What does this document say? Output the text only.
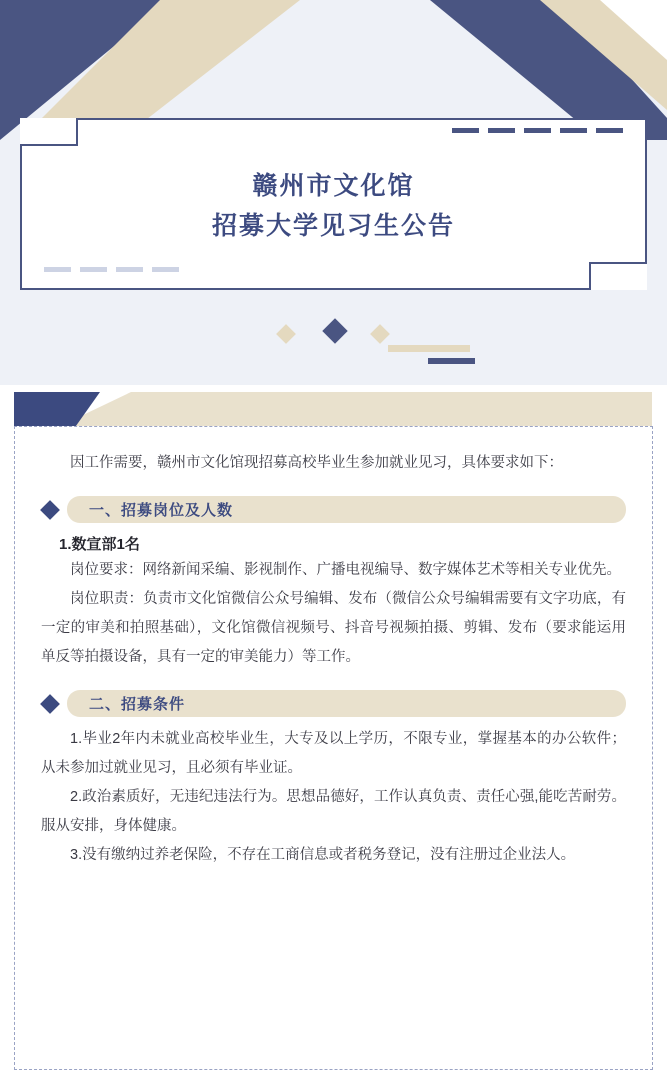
赣州市文化馆
招募大学见习生公告

因工作需要，赣州市文化馆现招募高校毕业生参加就业见习，具体要求如下：

一、招募岗位及人数
1.数宣部1名

岗位要求：网络新闻采编、影视制作、广播电视编导、数字媒体艺术等相关专业优先。

岗位职责：负责市文化馆微信公众号编辑、发布（微信公众号编辑需要有文字功底，有一定的审美和拍照基础），文化馆微信视频号、抖音号视频拍摄、剪辑、发布（要求能运用单反等拍摄设备，具有一定的审美能力）等工作。

二、招募条件

1.毕业2年内未就业高校毕业生，大专及以上学历，不限专业，掌握基本的办公软件；从未参加过就业见习，且必须有毕业证。

2.政治素质好，无违纪违法行为。思想品德好，工作认真负责、责任心强,能吃苦耐劳。服从安排，身体健康。

3.没有缴纳过养老保险，不存在工商信息或者税务登记，没有注册过企业法人。
